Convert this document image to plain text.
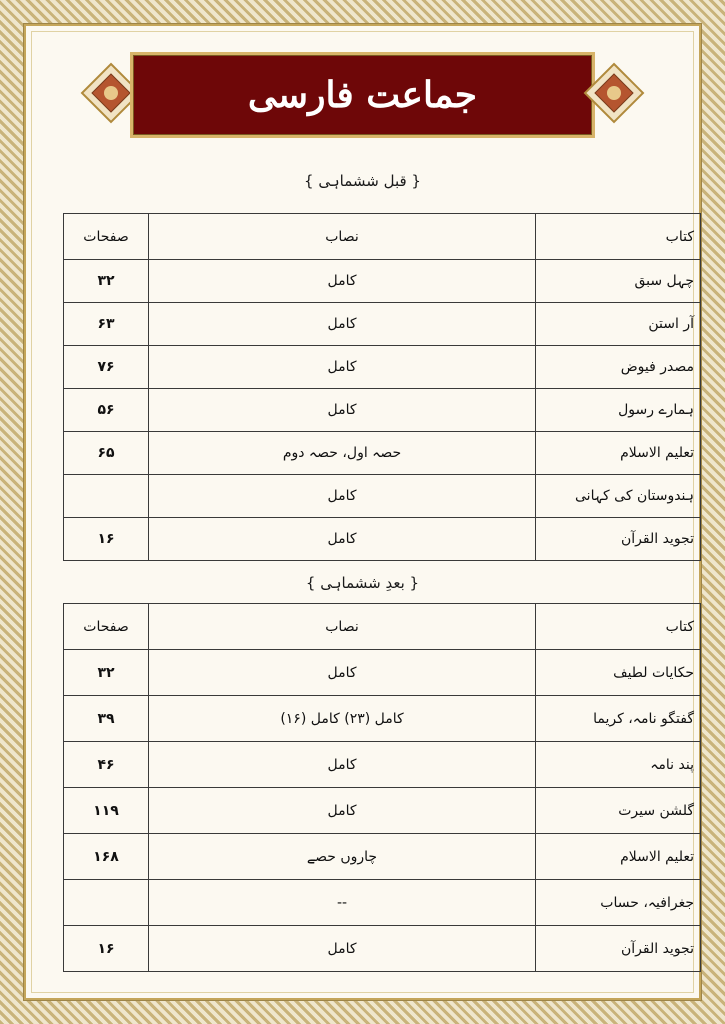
جماعت فارسی
{ قبل ششماہی }
کتاب	نصاب	صفحات
چہل سبق	کامل	۳۲
آر استن	کامل	۶۳
مصدر فیوض	کامل	۷۶
ہمارے رسول	کامل	۵۶
تعلیم الاسلام	حصہ اول، حصہ دوم	۶۵
ہندوستان کی کہانی	کامل	
تجوید القرآن	کامل	۱۶
{ بعدِ ششماہی }
کتاب	نصاب	صفحات
حکایات لطیف	کامل	۳۲
گفتگو نامہ، کریما	کامل (۲۳) کامل (۱۶)	۳۹
پند نامہ	کامل	۴۶
گلشن سیرت	کامل	۱۱۹
تعلیم الاسلام	چاروں حصے	۱۶۸
جغرافیہ، حساب	--	
تجوید القرآن	کامل	۱۶
